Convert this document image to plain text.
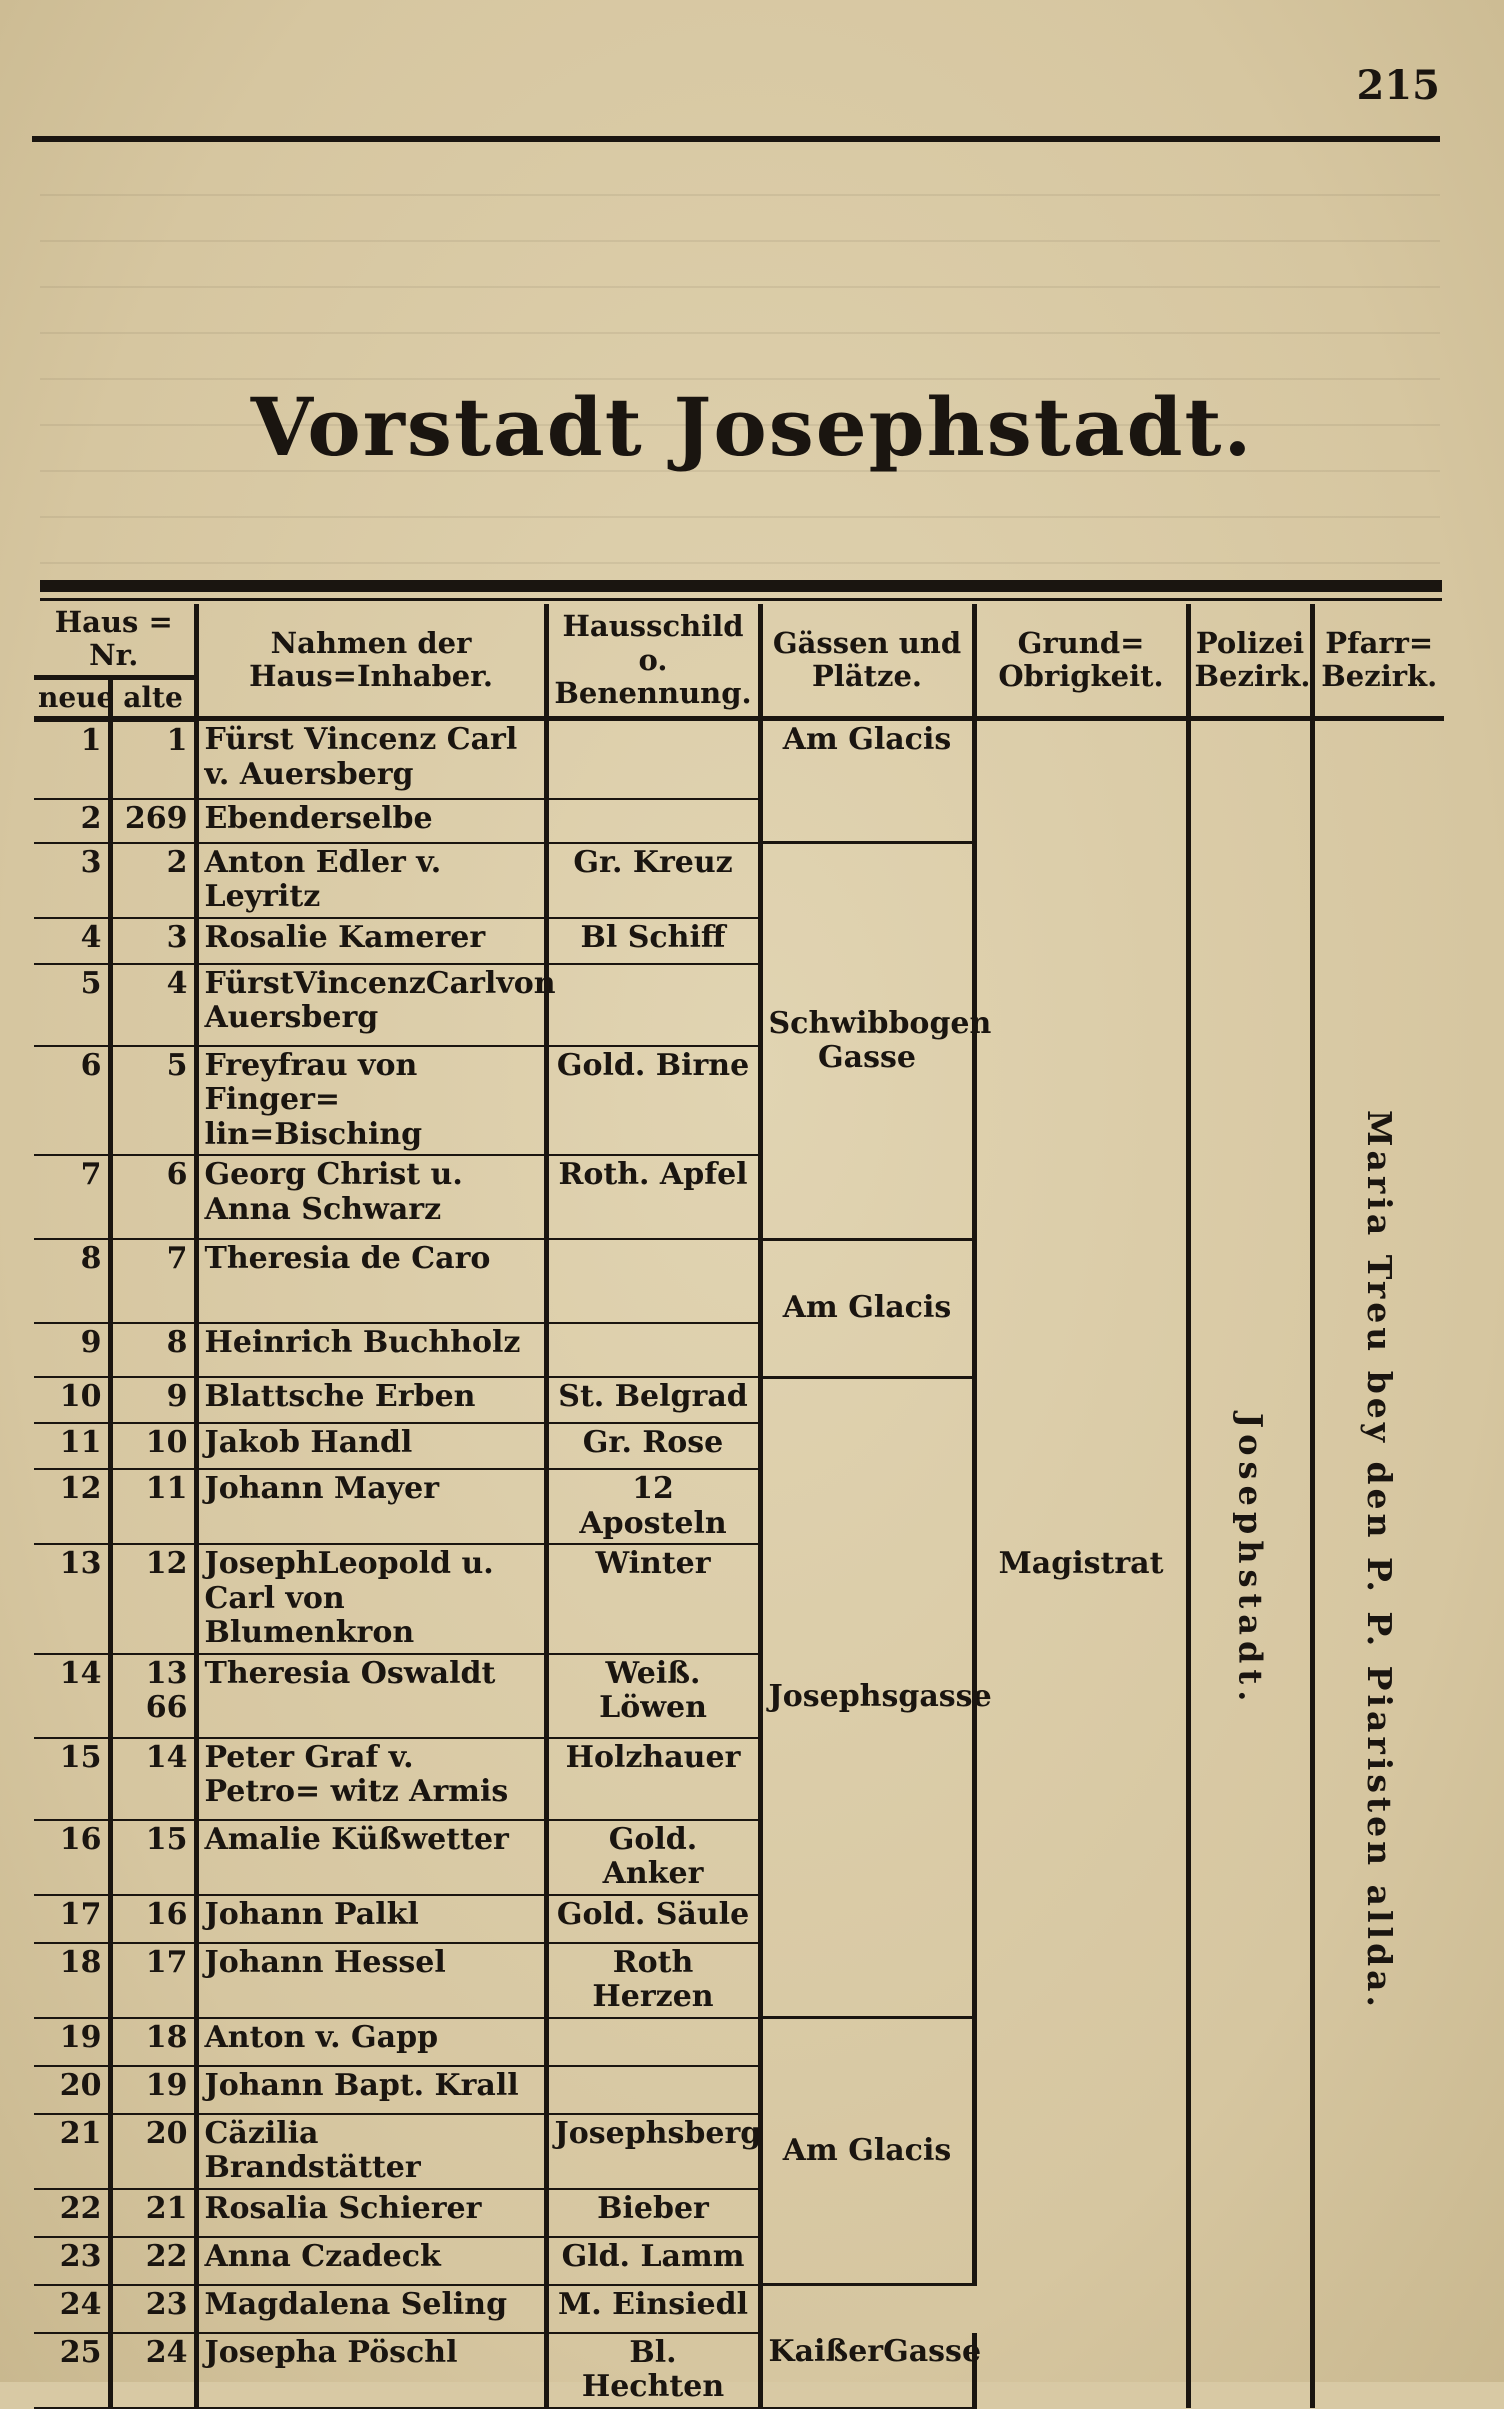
215
Vorstadt Josephstadt.
Haus = Nr.		Nahmen der Haus=Inhaber.	Hausschild o. Benennung.	Gässen und Plätze.	Grund= Obrigkeit.	Polizei Bezirk.	Pfarr= Bezirk.
neue	alte						
1	1	Fürst Vincenz Carl v. Auersberg		Am Glacis	Magistrat	Josephstadt.	Maria Treu bey den P. P. Piaristen allda.
2	269	Ebenderselbe					
3	2	Anton Edler v. Leyritz	Gr. Kreuz	Schwibbogen Gasse			
4	3	Rosalie Kamerer	Bl Schiff				
5	4	FürstVincenzCarlvon Auersberg					
6	5	Freyfrau von Finger= lin=Bisching	Gold. Birne				
7	6	Georg Christ u. Anna Schwarz	Roth. Apfel				
8	7	Theresia de Caro		Am Glacis			
9	8	Heinrich Buchholz					
10	9	Blattsche Erben	St. Belgrad	Josephsgasse			
11	10	Jakob Handl	Gr. Rose				
12	11	Johann Mayer	12 Aposteln				
13	12	JosephLeopold u. Carl von Blumenkron	Winter				
14	13 66	Theresia Oswaldt	Weiß. Löwen				
15	14	Peter Graf v. Petro= witz Armis	Holzhauer				
16	15	Amalie Küßwetter	Gold. Anker				
17	16	Johann Palkl	Gold. Säule				
18	17	Johann Hessel	Roth Herzen				
19	18	Anton v. Gapp		Am Glacis			
20	19	Johann Bapt. Krall					
21	20	Cäzilia Brandstätter	Josephsberg				
22	21	Rosalia Schierer	Bieber				
23	22	Anna Czadeck	Gld. Lamm				
24	23	Magdalena Seling	M. Einsiedl				
25	24	Josepha Pöschl	Bl. Hechten	KaißerGasse			
